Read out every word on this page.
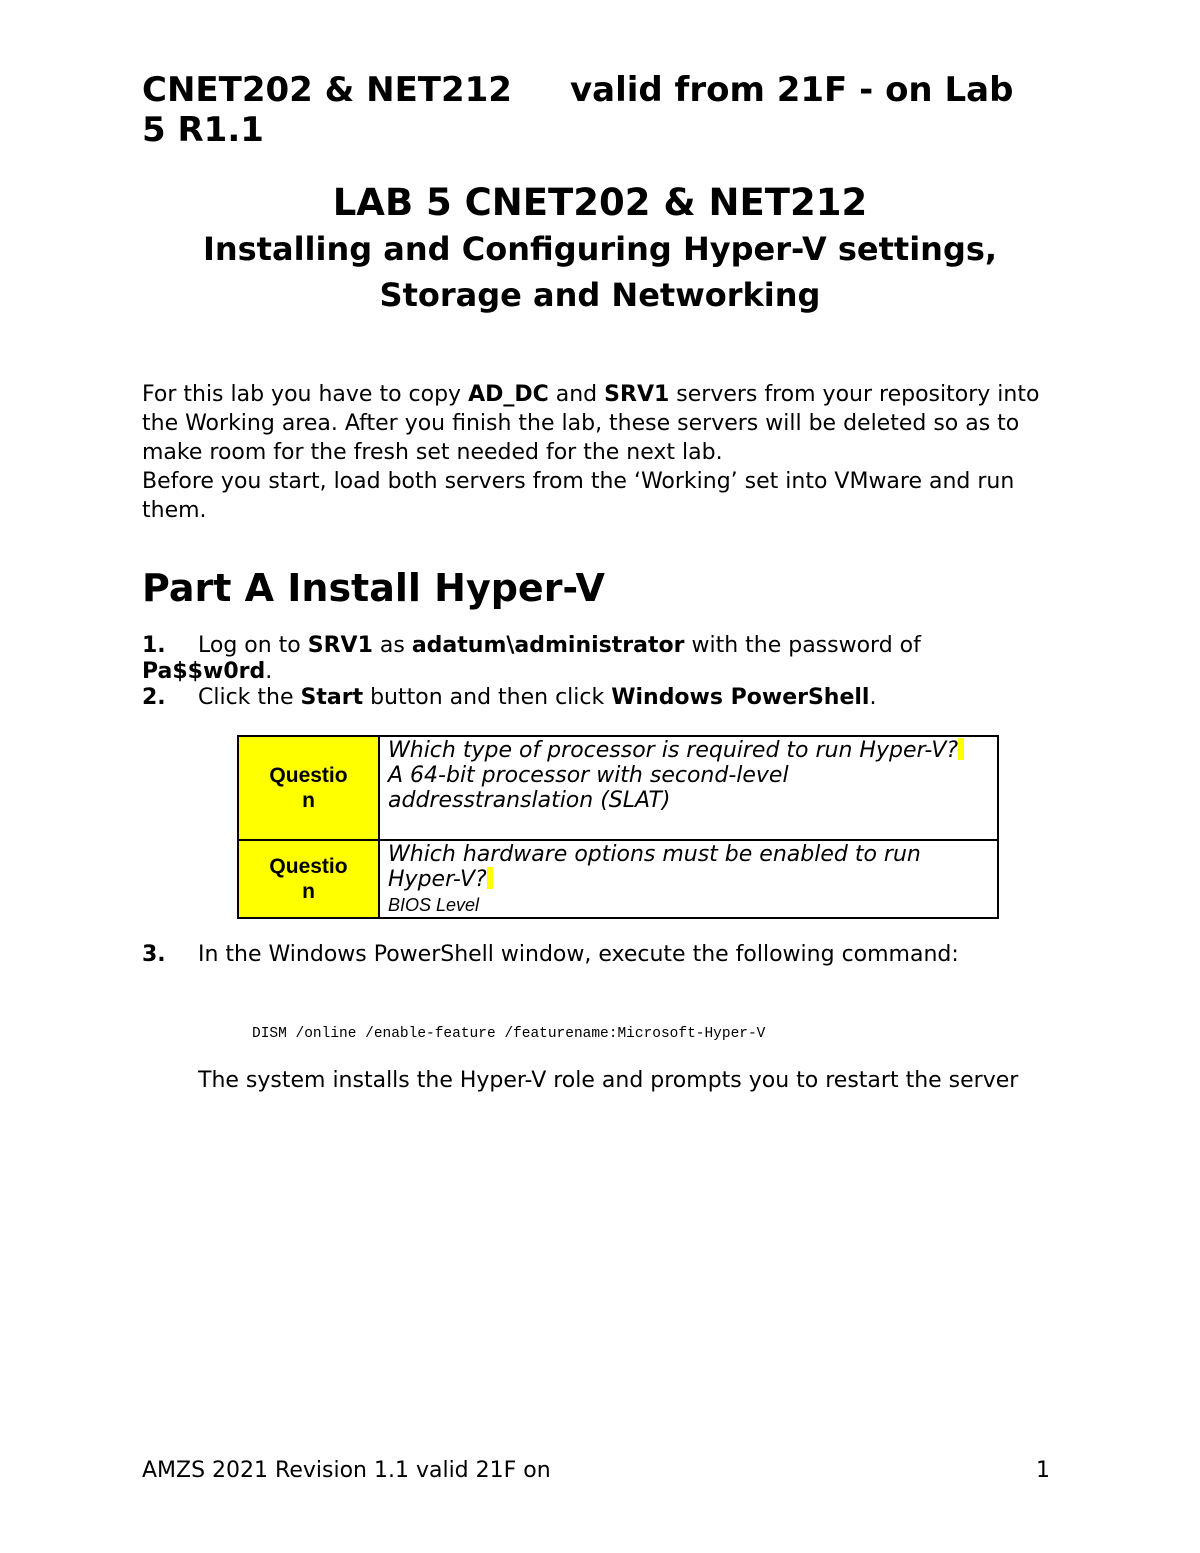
CNET202 & NET212 valid from 21F - on Lab
5 R1.1

LAB 5 CNET202 & NET212

Installing and Configuring Hyper-V settings,

Storage and Networking

For this lab you have to copy AD_DC and SRV1 servers from your repository into the Working area. After you finish the lab, these servers will be deleted so as to make room for the fresh set needed for the next lab.

Before you start, load both servers from the ‘Working’ set into VMware and run them.

Part A Install Hyper-V
1. Log on to SRV1 as adatum\administrator with the password of Pa$$w0rd.
2. Click the Start button and then click Windows PowerShell.
Questio
n	Which type of processor is required to run Hyper-V?
A 64-bit processor with second-level addresstranslation (SLAT)
Questio
n	Which hardware options must be enabled to run Hyper-V?
BIOS Level
3. In the Windows PowerShell window, execute the following command:
DISM /online /enable-feature /featurename:Microsoft-Hyper-V
The system installs the Hyper-V role and prompts you to restart the server
AMZS 2021 Revision 1.1 valid 21F on	1
